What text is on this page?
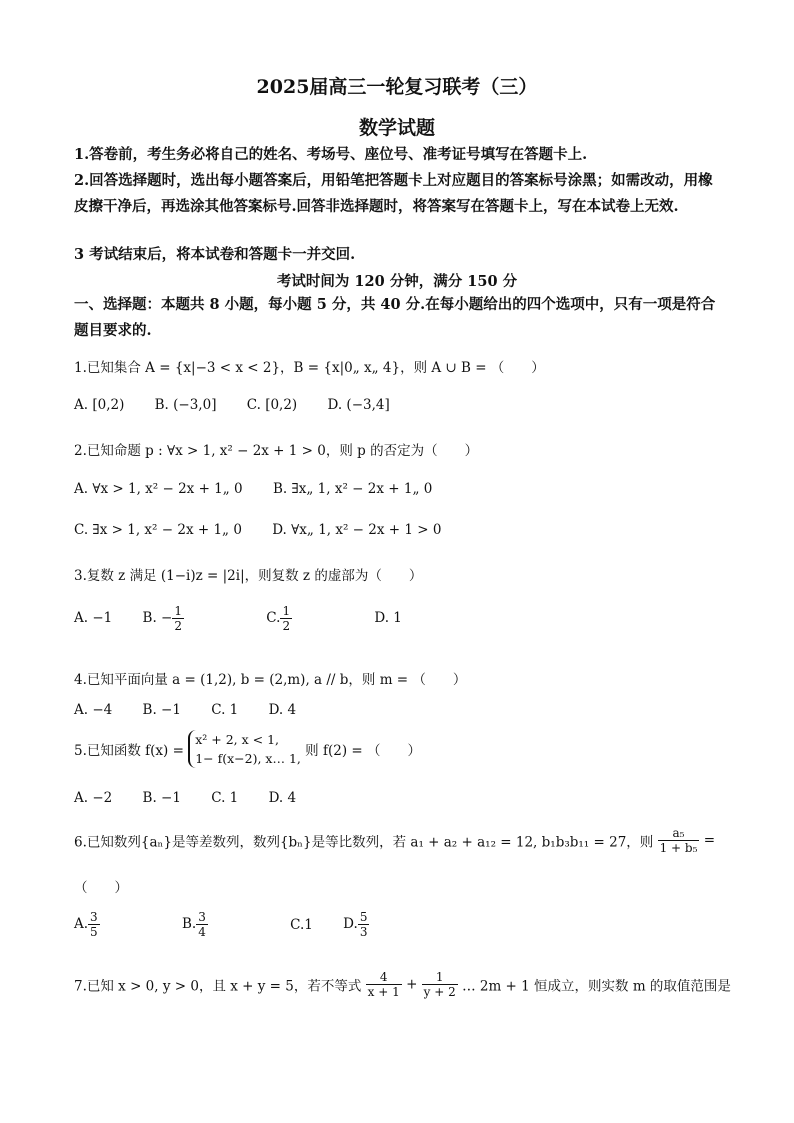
2025届高三一轮复习联考（三）
数学试题
1.答卷前，考生务必将自己的姓名、考场号、座位号、准考证号填写在答题卡上.
2.回答选择题时，选出每小题答案后，用铅笔把答题卡上对应题目的答案标号涂黑；如需改动，用橡皮擦干净后，再选涂其他答案标号.回答非选择题时，将答案写在答题卡上，写在本试卷上无效.
3 考试结束后，将本试卷和答题卡一并交回.
考试时间为 120 分钟，满分 150 分
一、选择题：本题共 8 小题，每小题 5 分，共 40 分.在每小题给出的四个选项中，只有一项是符合题目要求的.
1.已知集合 A = {x|−3 < x < 2}，B = {x|0„ x„ 4}，则 A ∪ B = （　　）
A. [0,2) B. (−3,0] C. [0,2) D. (−3,4]
2.已知命题 p : ∀x > 1, x² − 2x + 1 > 0，则 p 的否定为（　　）
A. ∀x > 1, x² − 2x + 1„ 0 B. ∃x„ 1, x² − 2x + 1„ 0
C. ∃x > 1, x² − 2x + 1„ 0 D. ∀x„ 1, x² − 2x + 1 > 0
3.复数 z 满足 (1−i)z = |2i|，则复数 z 的虚部为（　　）
A. −1 B. − $\frac{1}{2}$	C. $\frac{1}{2}$	D. 1
4.已知平面向量 a = (1,2), b = (2,m), a // b，则 m = （　　）
A. −4 B. −1 C. 1 D. 4
5.已知函数 f(x) =
x² + 2, x < 1,
1− f(x−2), x… 1, 则 f(2) = （　　）
A. −2 B. −1 C. 1 D. 4
6.已知数列{aₙ}是等差数列，数列{bₙ}是等比数列，若 a₁ + a₂ + a₁₂ = 12, b₁b₃b₁₁ = 27，则 $\frac{\text{a₅}}{\text{1 + b₅}}$ =
（　　）
A. $\frac{3}{5}$	B. $\frac{3}{4}$	C.1 D. $\frac{5}{3}$
7.已知 x > 0, y > 0，且 x + y = 5，若不等式 $\frac{4}{x + 1} + \frac{1}{y + 2}$ … 2m + 1 恒成立，则实数 m 的取值范围是
